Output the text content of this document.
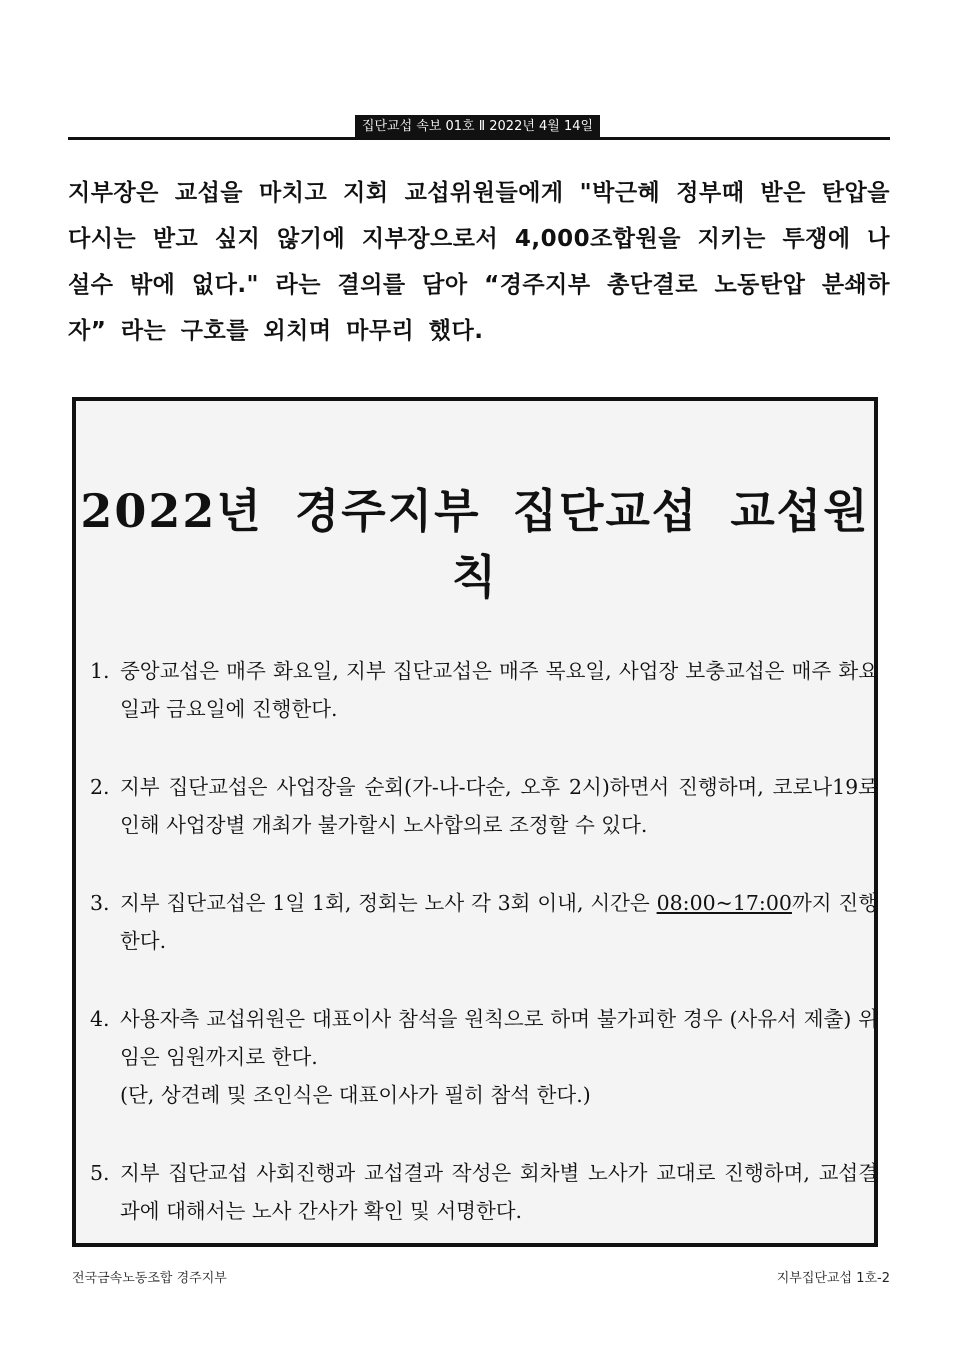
집단교섭 속보 01호 Ⅱ 2022년 4월 14일

지부장은 교섭을 마치고 지회 교섭위원들에게 "박근혜 정부때 받은 탄압을 다시는 받고 싶지 않기에 지부장으로서 4,000조합원을 지키는 투쟁에 나설수 밖에 없다." 라는 결의를 담아 “경주지부 총단결로 노동탄압 분쇄하자” 라는 구호를 외치며 마무리 했다.

2022년 경주지부 집단교섭 교섭원칙
1. 중앙교섭은 매주 화요일, 지부 집단교섭은 매주 목요일, 사업장 보충교섭은 매주 화요일과 금요일에 진행한다.
2. 지부 집단교섭은 사업장을 순회(가-나-다순, 오후 2시)하면서 진행하며, 코로나19로 인해 사업장별 개최가 불가할시 노사합의로 조정할 수 있다.
3. 지부 집단교섭은 1일 1회, 정회는 노사 각 3회 이내, 시간은 08:00~17:00까지 진행한다.
4. 사용자측 교섭위원은 대표이사 참석을 원칙으로 하며 불가피한 경우 (사유서 제출) 위임은 임원까지로 한다.
(단, 상견례 및 조인식은 대표이사가 필히 참석 한다.)
5. 지부 집단교섭 사회진행과 교섭결과 작성은 회차별 노사가 교대로 진행하며, 교섭결과에 대해서는 노사 간사가 확인 및 서명한다.
전국금속노동조합 경주지부	지부집단교섭 1호-2
